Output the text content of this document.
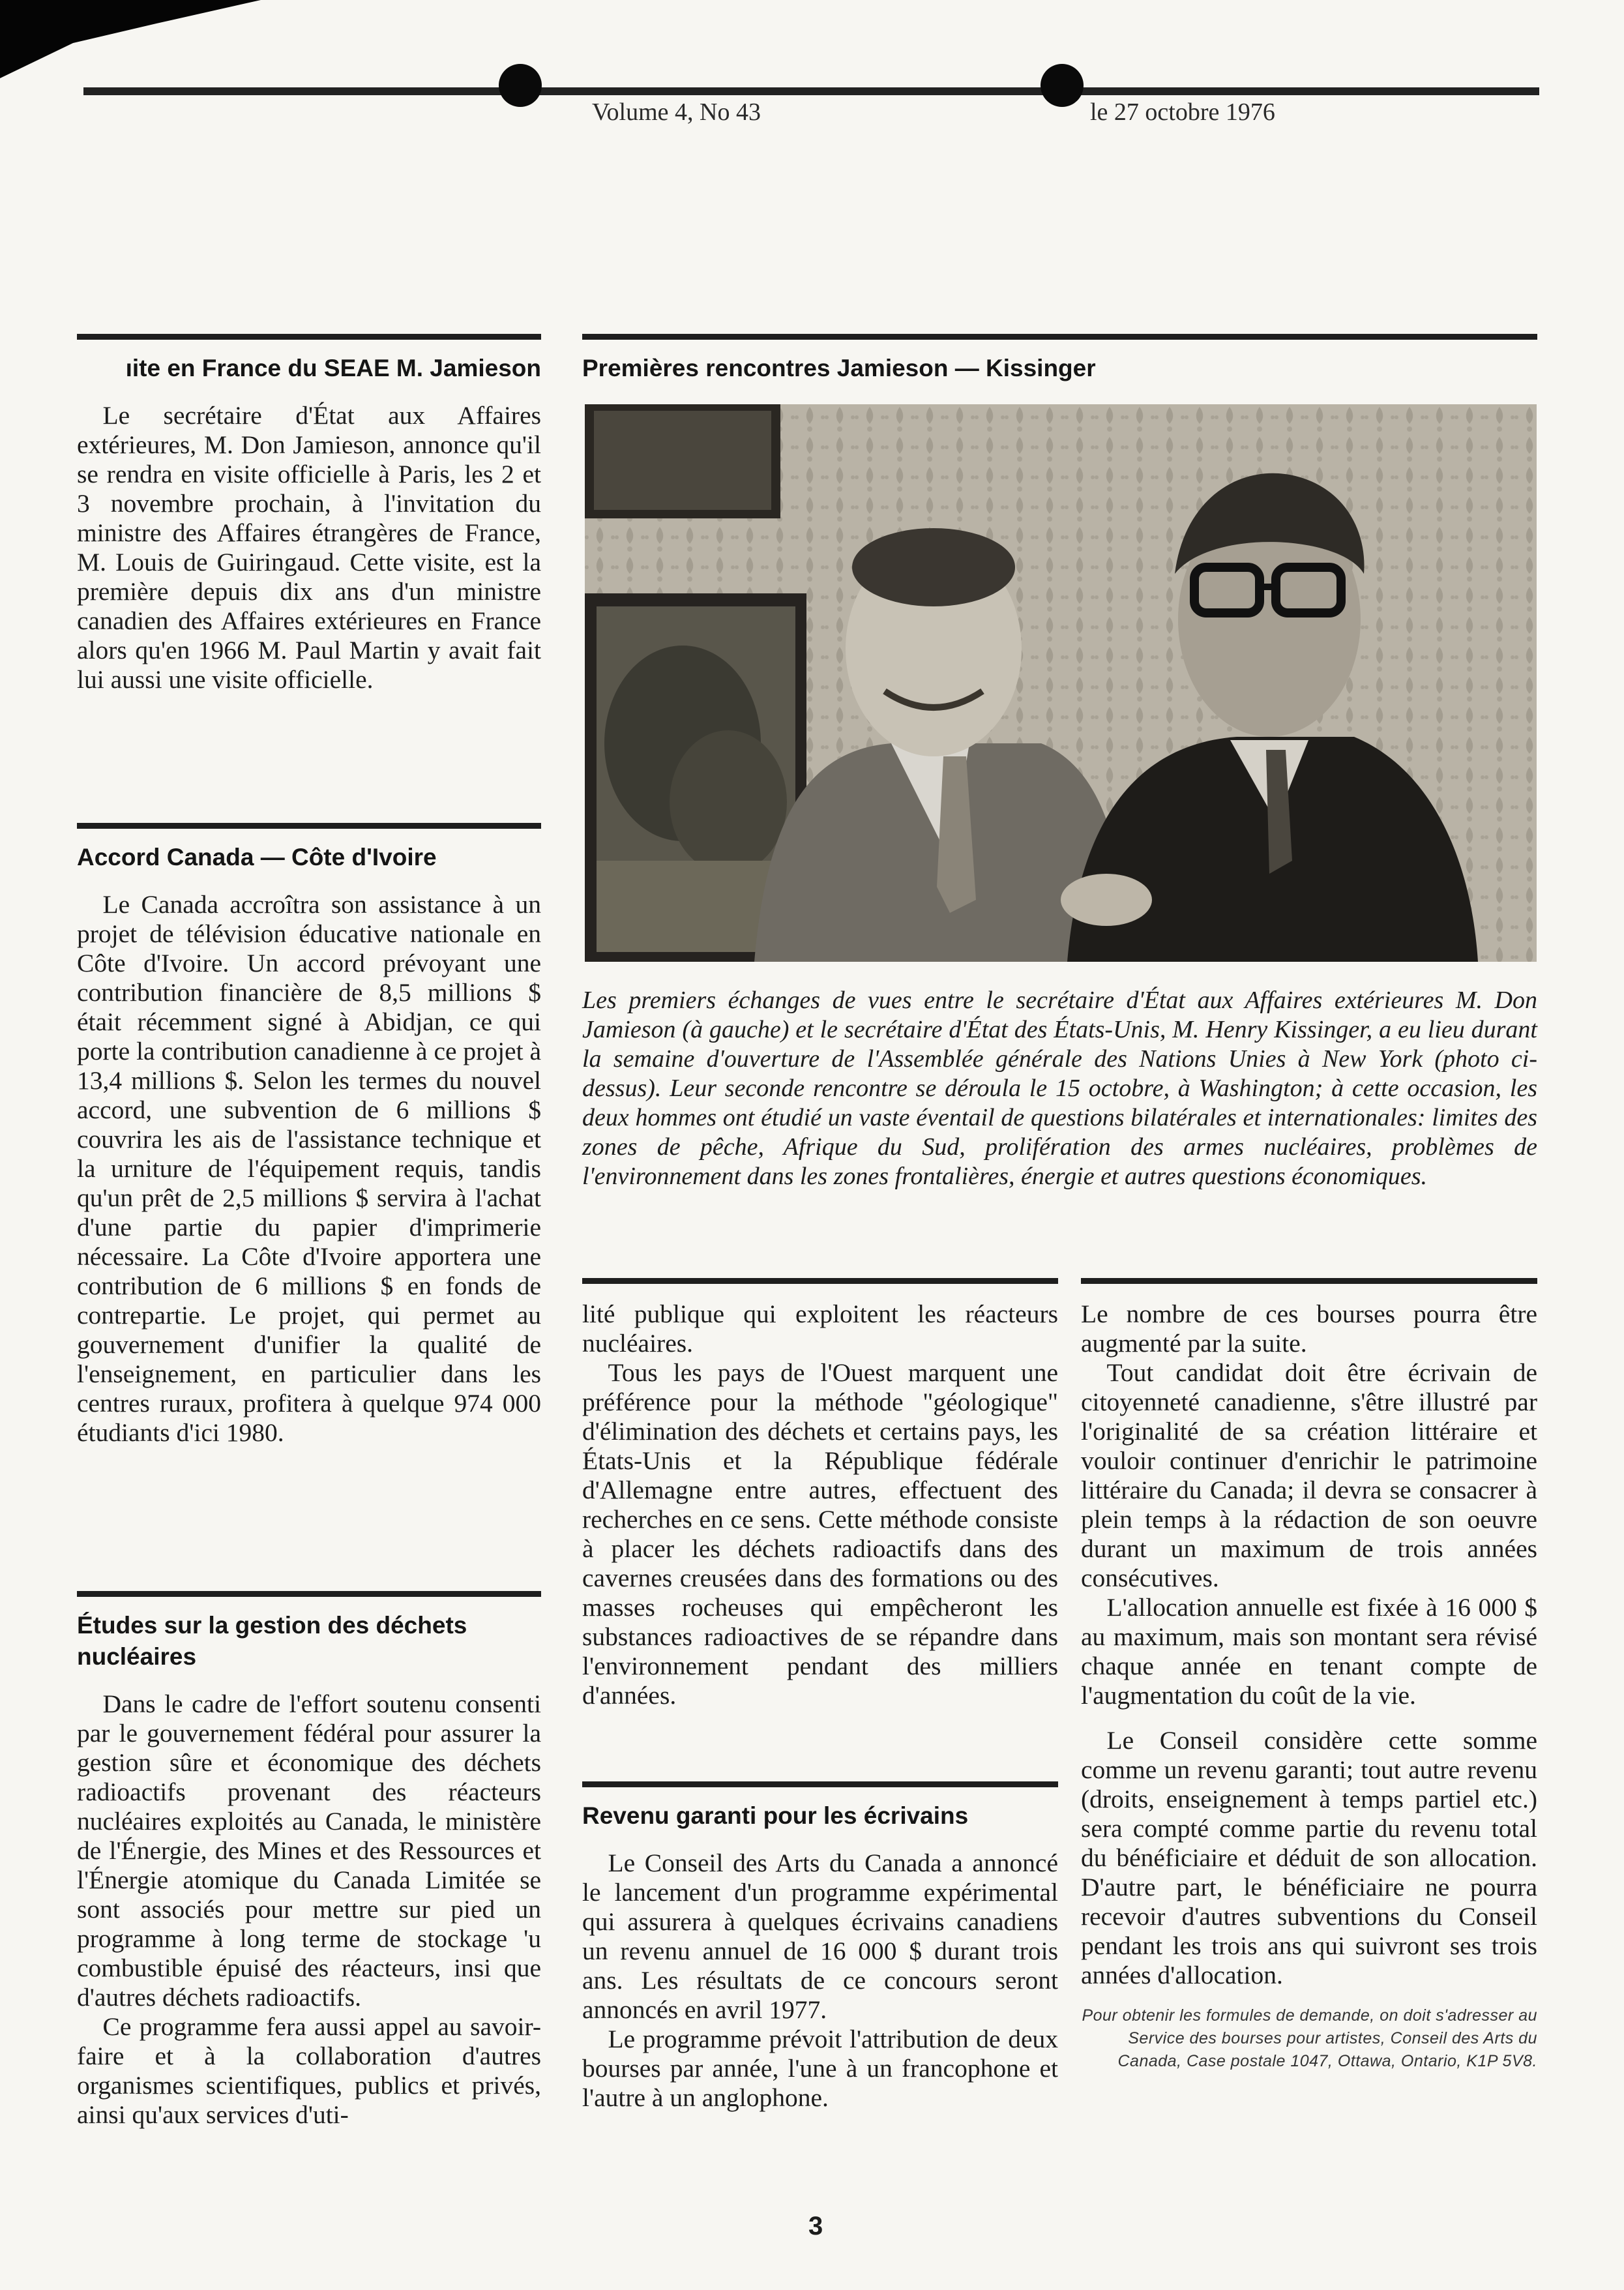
Volume 4, No 43	le 27 octobre 1976
ıite en France du SEAE M. Jamieson

Le secrétaire d'État aux Affaires extérieures, M. Don Jamieson, annonce qu'il se rendra en visite officielle à Paris, les 2 et 3 novembre prochain, à l'invitation du ministre des Affaires étrangères de France, M. Louis de Guiringaud. Cette visite, est la première depuis dix ans d'un ministre canadien des Affaires extérieures en France alors qu'en 1966 M. Paul Martin y avait fait lui aussi une visite officielle.

Accord Canada — Côte d'Ivoire

Le Canada accroîtra son assistance à un projet de télévision éducative nationale en Côte d'Ivoire. Un accord prévoyant une contribution financière de 8,5 millions $ était récemment signé à Abidjan, ce qui porte la contribution canadienne à ce projet à 13,4 millions $. Selon les termes du nouvel accord, une subvention de 6 millions $ couvrira les ais de l'assistance technique et la urniture de l'équipement requis, tandis qu'un prêt de 2,5 millions $ servira à l'achat d'une partie du papier d'imprimerie nécessaire. La Côte d'Ivoire apportera une contribution de 6 millions $ en fonds de contrepartie. Le projet, qui permet au gouvernement d'unifier la qualité de l'enseignement, en particulier dans les centres ruraux, profitera à quelque 974 000 étudiants d'ici 1980.

Études sur la gestion des déchets nucléaires

Dans le cadre de l'effort soutenu consenti par le gouvernement fédéral pour assurer la gestion sûre et économique des déchets radioactifs provenant des réacteurs nucléaires exploités au Canada, le ministère de l'Énergie, des Mines et des Ressources et l'Énergie atomique du Canada Limitée se sont associés pour mettre sur pied un programme à long terme de stockage 'u combustible épuisé des réacteurs, insi que d'autres déchets radioactifs.

Ce programme fera aussi appel au savoir-faire et à la collaboration d'autres organismes scientifiques, publics et privés, ainsi qu'aux services d'uti-

Premières rencontres Jamieson — Kissinger
Les premiers échanges de vues entre le secrétaire d'État aux Affaires extérieures M. Don Jamieson (à gauche) et le secrétaire d'État des États-Unis, M. Henry Kissinger, a eu lieu durant la semaine d'ouverture de l'Assemblée générale des Nations Unies à New York (photo ci-dessus). Leur seconde rencontre se déroula le 15 octobre, à Washington; à cette occasion, les deux hommes ont étudié un vaste éventail de questions bilatérales et internationales: limites des zones de pêche, Afrique du Sud, prolifération des armes nucléaires, problèmes de l'environnement dans les zones frontalières, énergie et autres questions économiques.

lité publique qui exploitent les réacteurs nucléaires.

Tous les pays de l'Ouest marquent une préférence pour la méthode "géologique" d'élimination des déchets et certains pays, les États-Unis et la République fédérale d'Allemagne entre autres, effectuent des recherches en ce sens. Cette méthode consiste à placer les déchets radioactifs dans des cavernes creusées dans des formations ou des masses rocheuses qui empêcheront les substances radioactives de se répandre dans l'environnement pendant des milliers d'années.

Revenu garanti pour les écrivains

Le Conseil des Arts du Canada a annoncé le lancement d'un programme expérimental qui assurera à quelques écrivains canadiens un revenu annuel de 16 000 $ durant trois ans. Les résultats de ce concours seront annoncés en avril 1977.

Le programme prévoit l'attribution de deux bourses par année, l'une à un francophone et l'autre à un anglophone.

Le nombre de ces bourses pourra être augmenté par la suite.

Tout candidat doit être écrivain de citoyenneté canadienne, s'être illustré par l'originalité de sa création littéraire et vouloir continuer d'enrichir le patrimoine littéraire du Canada; il devra se consacrer à plein temps à la rédaction de son oeuvre durant un maximum de trois années consécutives.

L'allocation annuelle est fixée à 16 000 $ au maximum, mais son montant sera révisé chaque année en tenant compte de l'augmentation du coût de la vie.

Le Conseil considère cette somme comme un revenu garanti; tout autre revenu (droits, enseignement à temps partiel etc.) sera compté comme partie du revenu total du bénéficiaire et déduit de son allocation. D'autre part, le bénéficiaire ne pourra recevoir d'autres subventions du Conseil pendant les trois ans qui suivront ses trois années d'allocation.

Pour obtenir les formules de demande, on doit s'adresser au Service des bourses pour artistes, Conseil des Arts du Canada, Case postale 1047, Ottawa, Ontario, K1P 5V8.
3
